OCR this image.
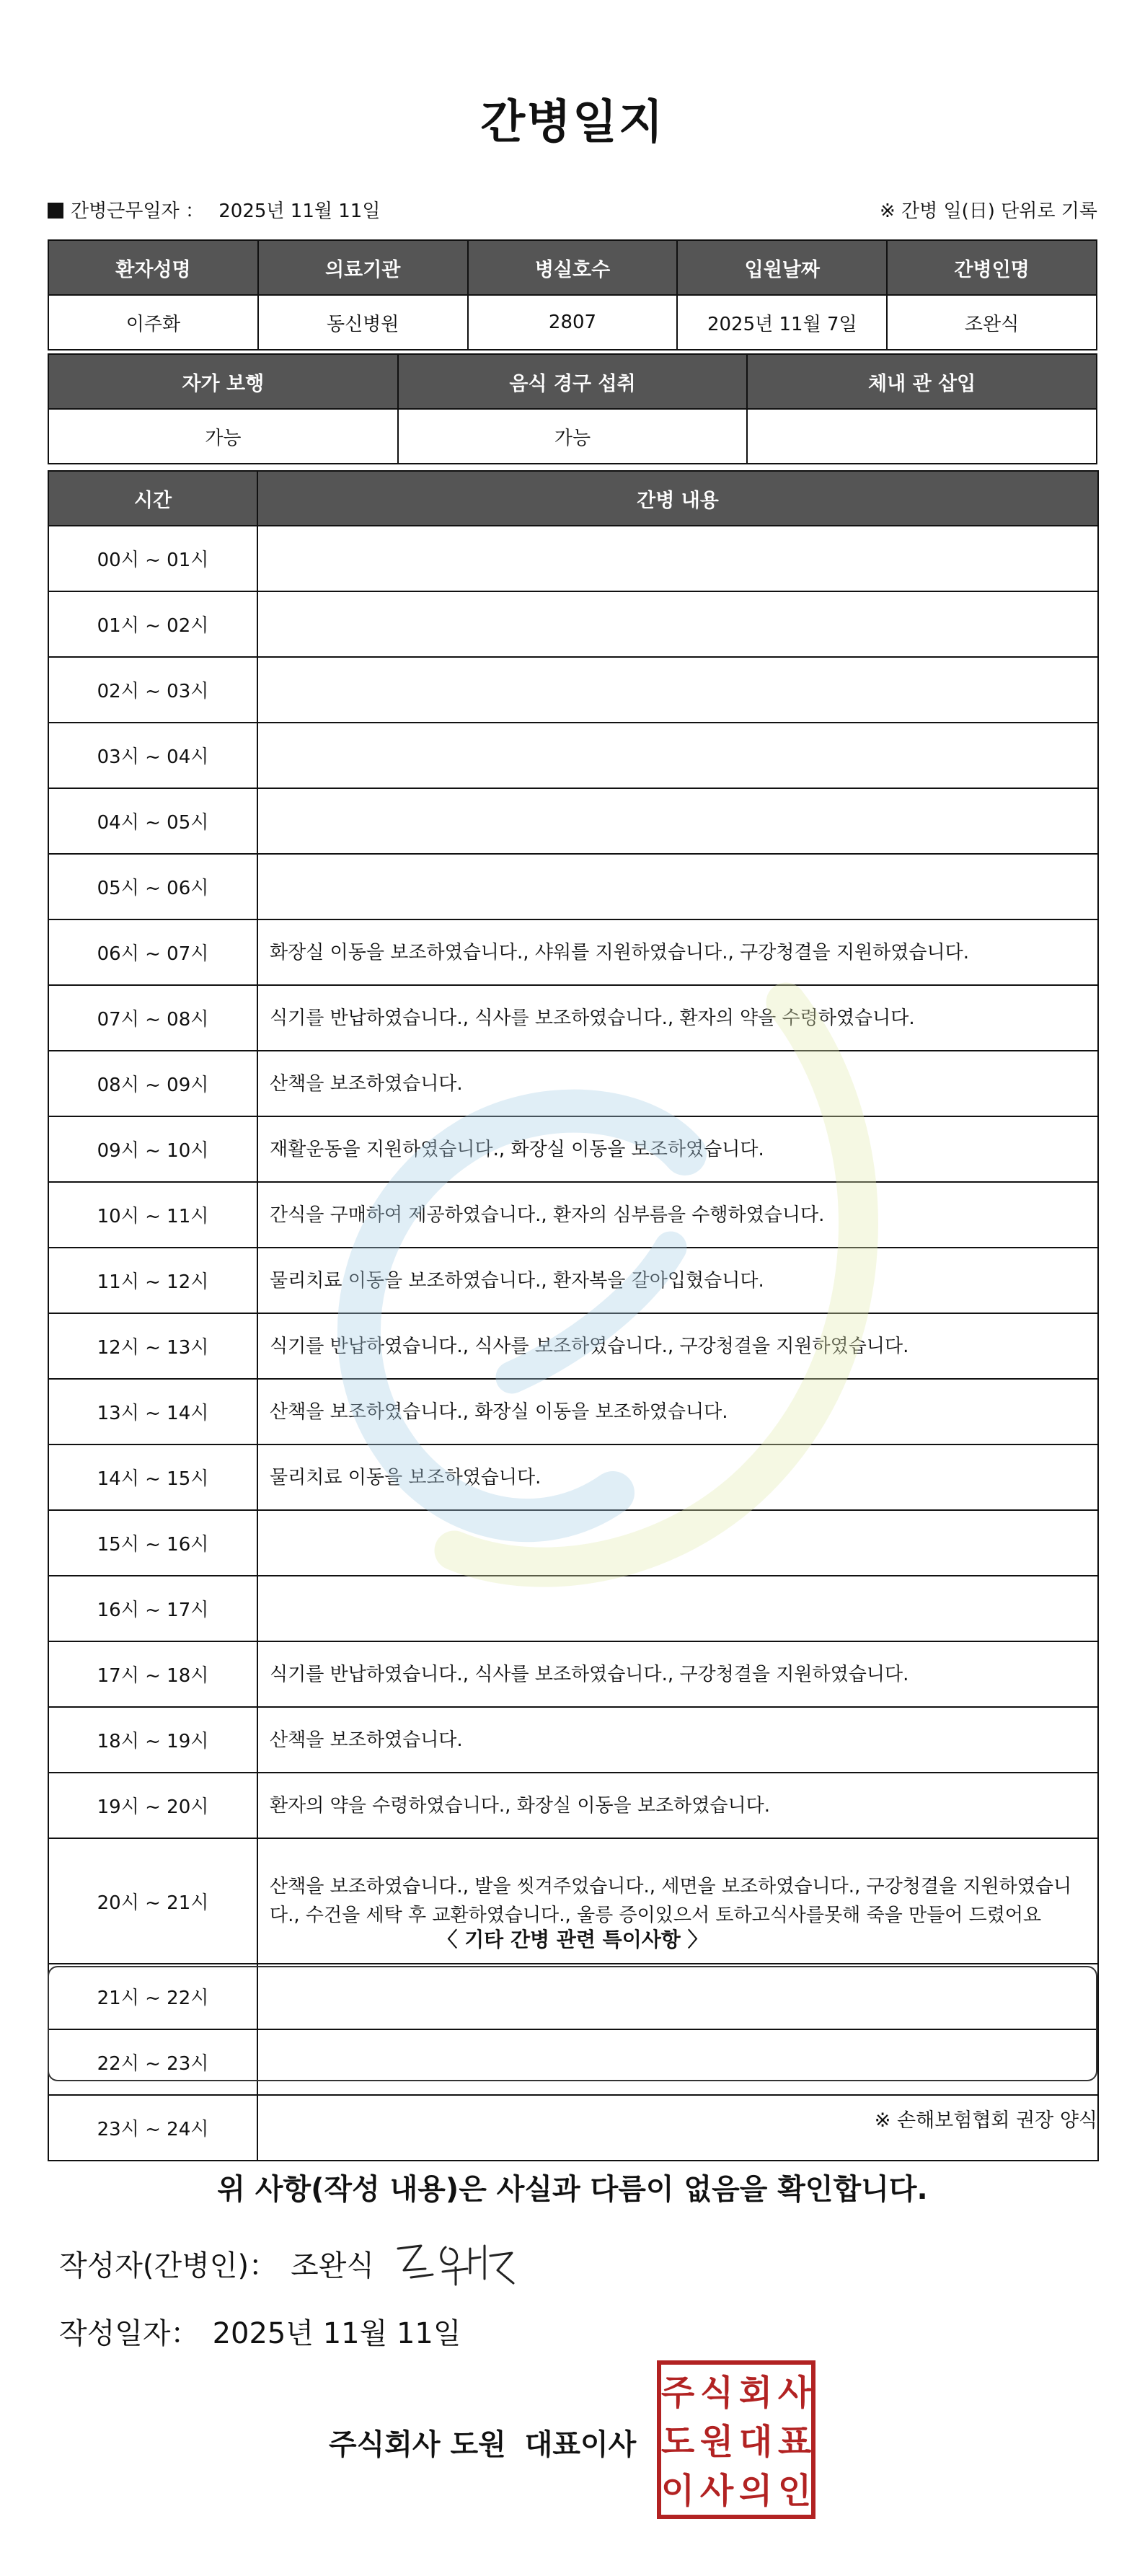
간병일지
간병근무일자 ： 2025년 11월 11일	※ 간병 일(日) 단위로 기록
환자성명	의료기관	병실호수	입원날짜	간병인명
이주화	동신병원	2807	2025년 11월 7일	조완식
자가 보행	음식 경구 섭취	체내 관 삽입
가능	가능	
시간	간병 내용
00시 ~ 01시	
01시 ~ 02시	
02시 ~ 03시	
03시 ~ 04시	
04시 ~ 05시	
05시 ~ 06시	
06시 ~ 07시	화장실 이동을 보조하였습니다., 샤워를 지원하였습니다., 구강청결을 지원하였습니다.
07시 ~ 08시	식기를 반납하였습니다., 식사를 보조하였습니다., 환자의 약을 수령하였습니다.
08시 ~ 09시	산책을 보조하였습니다.
09시 ~ 10시	재활운동을 지원하였습니다., 화장실 이동을 보조하였습니다.
10시 ~ 11시	간식을 구매하여 제공하였습니다., 환자의 심부름을 수행하였습니다.
11시 ~ 12시	물리치료 이동을 보조하였습니다., 환자복을 갈아입혔습니다.
12시 ~ 13시	식기를 반납하였습니다., 식사를 보조하였습니다., 구강청결을 지원하였습니다.
13시 ~ 14시	산책을 보조하였습니다., 화장실 이동을 보조하였습니다.
14시 ~ 15시	물리치료 이동을 보조하였습니다.
15시 ~ 16시	
16시 ~ 17시	
17시 ~ 18시	식기를 반납하였습니다., 식사를 보조하였습니다., 구강청결을 지원하였습니다.
18시 ~ 19시	산책을 보조하였습니다.
19시 ~ 20시	환자의 약을 수령하였습니다., 화장실 이동을 보조하였습니다.
20시 ~ 21시	산책을 보조하였습니다., 발을 씻겨주었습니다., 세면을 보조하였습니다., 구강청결을 지원하였습니다., 수건을 세탁 후 교환하였습니다., 울릉 증이있으서 토하고식사를못해 죽을 만들어 드렸어요
21시 ~ 22시	
22시 ~ 23시	
23시 ~ 24시	
〈 기타 간병 관련 특이사항 〉
※ 손해보험협회 권장 양식
위 사항(작성 내용)은 사실과 다름이 없음을 확인합니다.
작성자(간병인)： 조완식
작성일자： 2025년 11월 11일
주식회사 도원 대표이사
주 식 회 사
도 원 대 표
이 사 의 인
